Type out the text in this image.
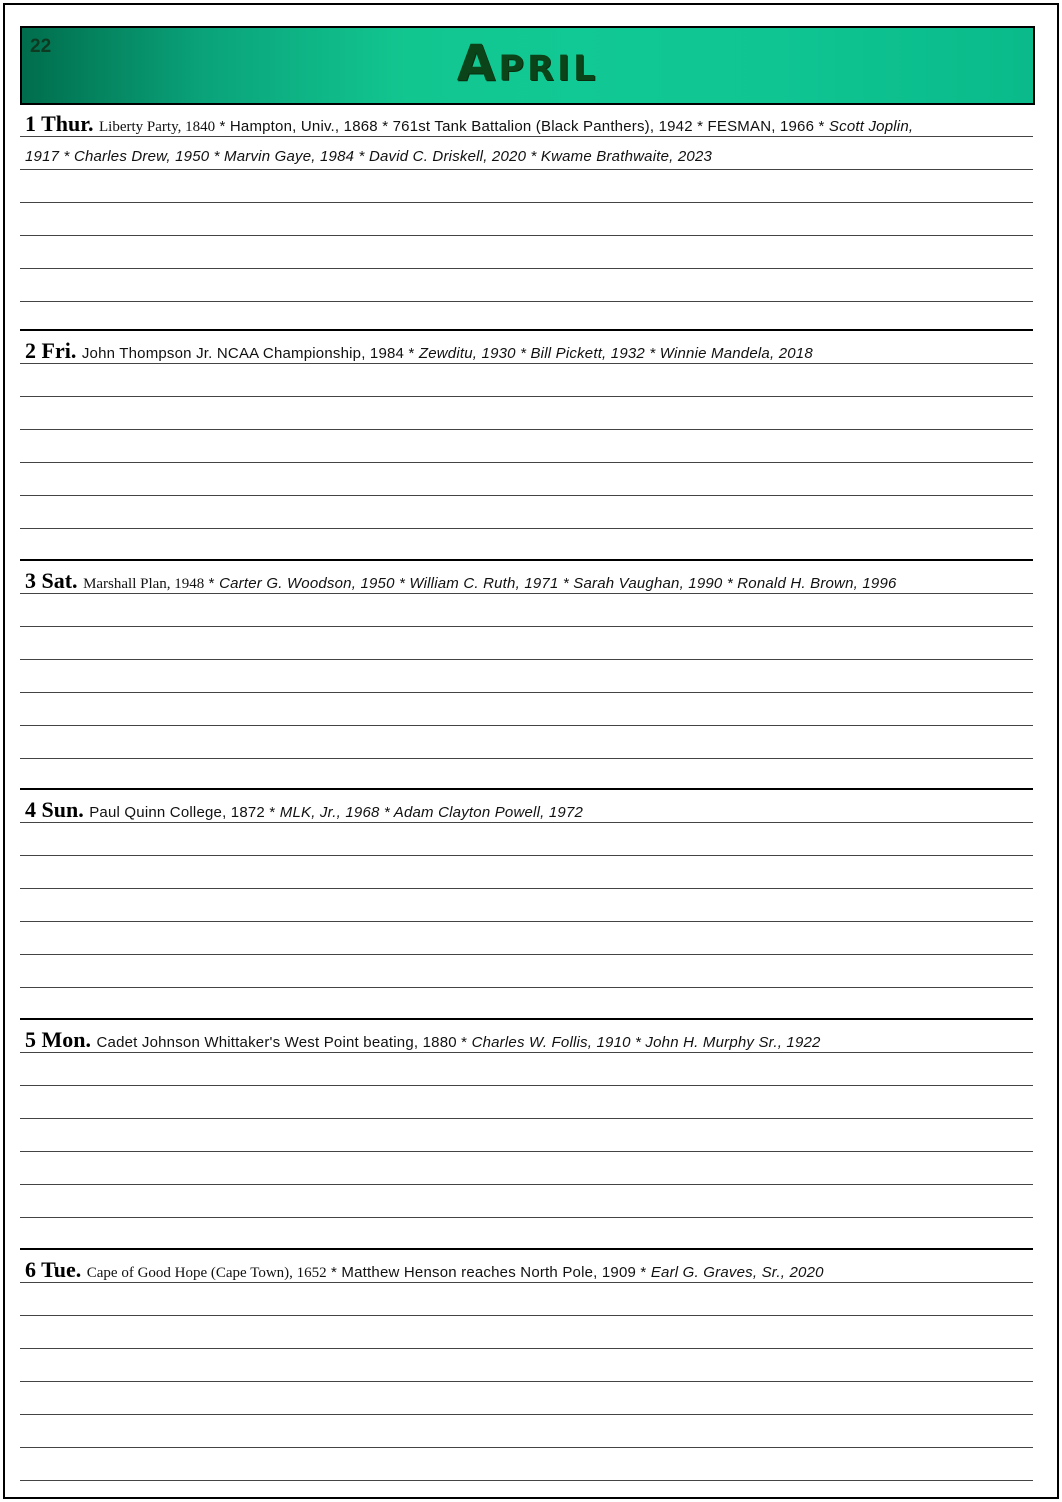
22	April
1 Thur. Liberty Party, 1840 * Hampton, Univ., 1868 * 761st Tank Battalion (Black Panthers), 1942 * FESMAN, 1966 * Scott Joplin,
1917 * Charles Drew, 1950 * Marvin Gaye, 1984 * David C. Driskell, 2020 * Kwame Brathwaite, 2023
2 Fri. John Thompson Jr. NCAA Championship, 1984 * Zewditu, 1930 * Bill Pickett, 1932 * Winnie Mandela, 2018
3 Sat. Marshall Plan, 1948 * Carter G. Woodson, 1950 * William C. Ruth, 1971 * Sarah Vaughan, 1990 * Ronald H. Brown, 1996
4 Sun. Paul Quinn College, 1872 * MLK, Jr., 1968 * Adam Clayton Powell, 1972
5 Mon. Cadet Johnson Whittaker's West Point beating, 1880 * Charles W. Follis, 1910 * John H. Murphy Sr., 1922
6 Tue. Cape of Good Hope (Cape Town), 1652 * Matthew Henson reaches North Pole, 1909 * Earl G. Graves, Sr., 2020
